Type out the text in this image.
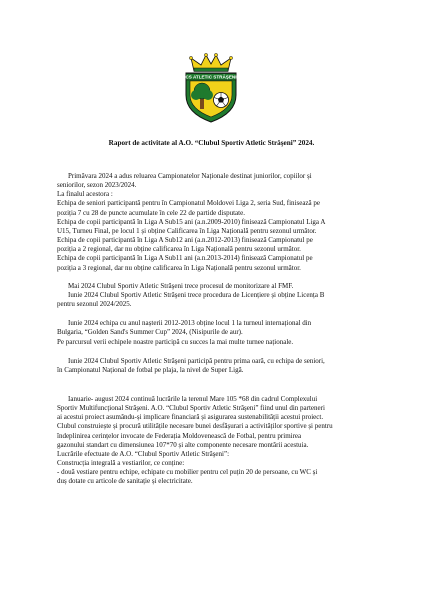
CS ATLETIC STRĂȘENI
Raport de activitate al A.O. “Clubul Sportiv Atletic Străşeni” 2024.

Primăvara 2024 a adus reluarea Campionatelor Naționale destinat juniorilor, copiilor și

seniorilor, sezon 2023/2024.

La finalul acestora :

Echipa de seniori participantă pentru în Campionatul Moldovei Liga 2, seria Sud, finisează pe

poziția 7 cu 28 de puncte acumulate în cele 22 de partide disputate.

Echipa de copii participantă în Liga A Sub15 ani (a.n.2009-2010) finisează Campionatul Liga A

U15, Turneu Final, pe locul 1 și obține Calificarea în Liga Națională pentru sezonul următor.

Echipa de copii participantă în Liga A Sub12 ani (a.n.2012-2013) finisează Campionatul pe

poziția a 2 regional, dar nu obține calificarea în Liga Națională pentru sezonul următor.

Echipa de copii participantă în Liga A Sub11 ani (a.n.2013-2014) finisează Campionatul pe

poziția a 3 regional, dar nu obține calificarea în Liga Națională pentru sezonul următor.

Mai 2024 Clubul Sportiv Atletic Străşeni trece procesul de monitorizare al FMF.

Iunie 2024 Clubul Sportiv Atletic Străşeni trece procedura de Licențiere și obține Licența B

pentru sezonul 2024/2025.

Iunie 2024 echipa cu anul nașterii 2012-2013 obține locul 1 la turneul internațional din

Bulgaria, “Golden Sand's Summer Cup” 2024, (Nisipurile de aur).

Pe parcursul verii echipele noastre participă cu succes la mai multe turnee naționale.

Iunie 2024 Clubul Sportiv Atletic Străşeni participă pentru prima oară, cu echipa de seniori,

în Campionatul Național de fotbal pe plaja, la nivel de Super Ligă.

Ianuarie- august 2024 continuă lucrările la terenul Mare 105 *68 din cadrul Complexului

Sportiv Multifuncțional Străşeni. A.O. “Clubul Sportiv Atletic Străşeni” fiind unul din parteneri

ai acestui proiect asumându-și implicare financiară și asigurarea sustenabilității acestui proiect.

Clubul construiește și procură utilitățile necesare bunei desfășurari a activităților sportive și pentru

îndeplinirea cerințelor invocate de Federația Moldovenească de Fotbal, pentru primirea

gazonului standart cu dimensiunea 107*70 și alte componente necesare montării acestuia.

Lucrările efectuate de A.O. “Clubul Sportiv Atletic Străşeni”:

Construcția integrală a vestiarilor, ce conține:

- două vestiare pentru echipe, echipate cu mobilier pentru cel puțin 20 de persoane, cu WC și

duș dotate cu articole de sanitație și electricitate.
